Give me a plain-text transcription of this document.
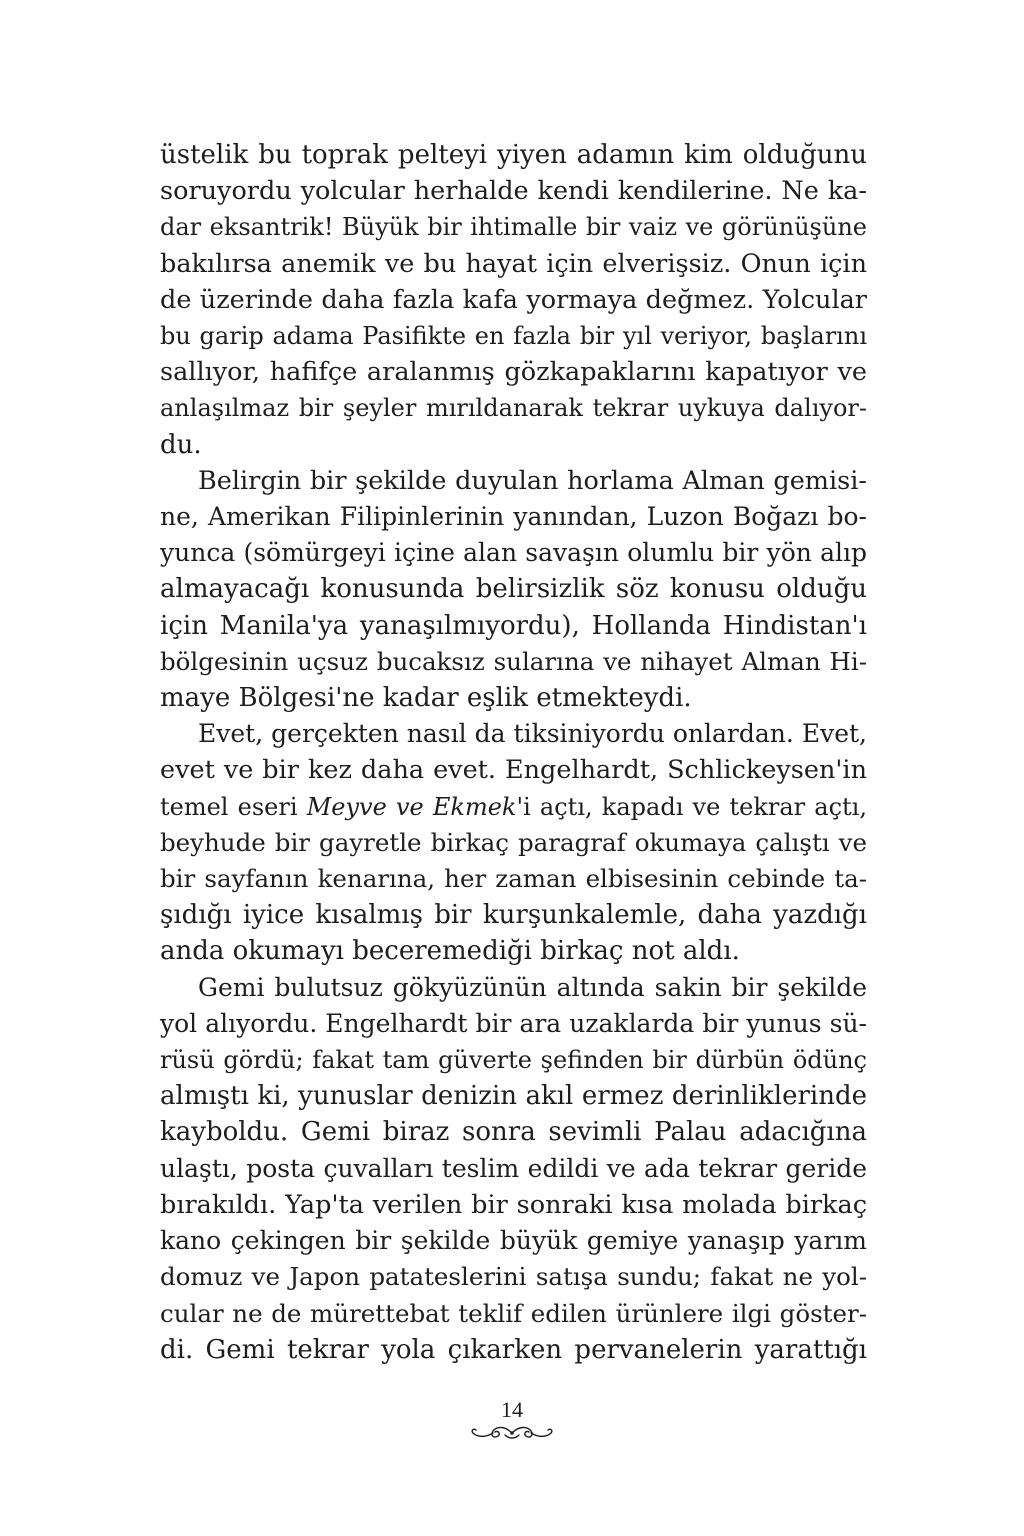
üstelik bu toprak pelteyi yiyen adamın kim olduğunu
soruyordu yolcular herhalde kendi kendilerine. Ne ka-
dar eksantrik! Büyük bir ihtimalle bir vaiz ve görünüşüne
bakılırsa anemik ve bu hayat için elverişsiz. Onun için
de üzerinde daha fazla kafa yormaya değmez. Yolcular
bu garip adama Pasifikte en fazla bir yıl veriyor, başlarını
sallıyor, hafifçe aralanmış gözkapaklarını kapatıyor ve
anlaşılmaz bir şeyler mırıldanarak tekrar uykuya dalıyor-
du.
Belirgin bir şekilde duyulan horlama Alman gemisi-
ne, Amerikan Filipinlerinin yanından, Luzon Boğazı bo-
yunca (sömürgeyi içine alan savaşın olumlu bir yön alıp
almayacağı konusunda belirsizlik söz konusu olduğu
için Manila'ya yanaşılmıyordu), Hollanda Hindistan'ı
bölgesinin uçsuz bucaksız sularına ve nihayet Alman Hi-
maye Bölgesi'ne kadar eşlik etmekteydi.
Evet, gerçekten nasıl da tiksiniyordu onlardan. Evet,
evet ve bir kez daha evet. Engelhardt, Schlickeysen'in
temel eseri Meyve ve Ekmek'i açtı, kapadı ve tekrar açtı,
beyhude bir gayretle birkaç paragraf okumaya çalıştı ve
bir sayfanın kenarına, her zaman elbisesinin cebinde ta-
şıdığı iyice kısalmış bir kurşunkalemle, daha yazdığı
anda okumayı beceremediği birkaç not aldı.
Gemi bulutsuz gökyüzünün altında sakin bir şekilde
yol alıyordu. Engelhardt bir ara uzaklarda bir yunus sü-
rüsü gördü; fakat tam güverte şefinden bir dürbün ödünç
almıştı ki, yunuslar denizin akıl ermez derinliklerinde
kayboldu. Gemi biraz sonra sevimli Palau adacığına
ulaştı, posta çuvalları teslim edildi ve ada tekrar geride
bırakıldı. Yap'ta verilen bir sonraki kısa molada birkaç
kano çekingen bir şekilde büyük gemiye yanaşıp yarım
domuz ve Japon patateslerini satışa sundu; fakat ne yol-
cular ne de mürettebat teklif edilen ürünlere ilgi göster-
di. Gemi tekrar yola çıkarken pervanelerin yarattığı
14
